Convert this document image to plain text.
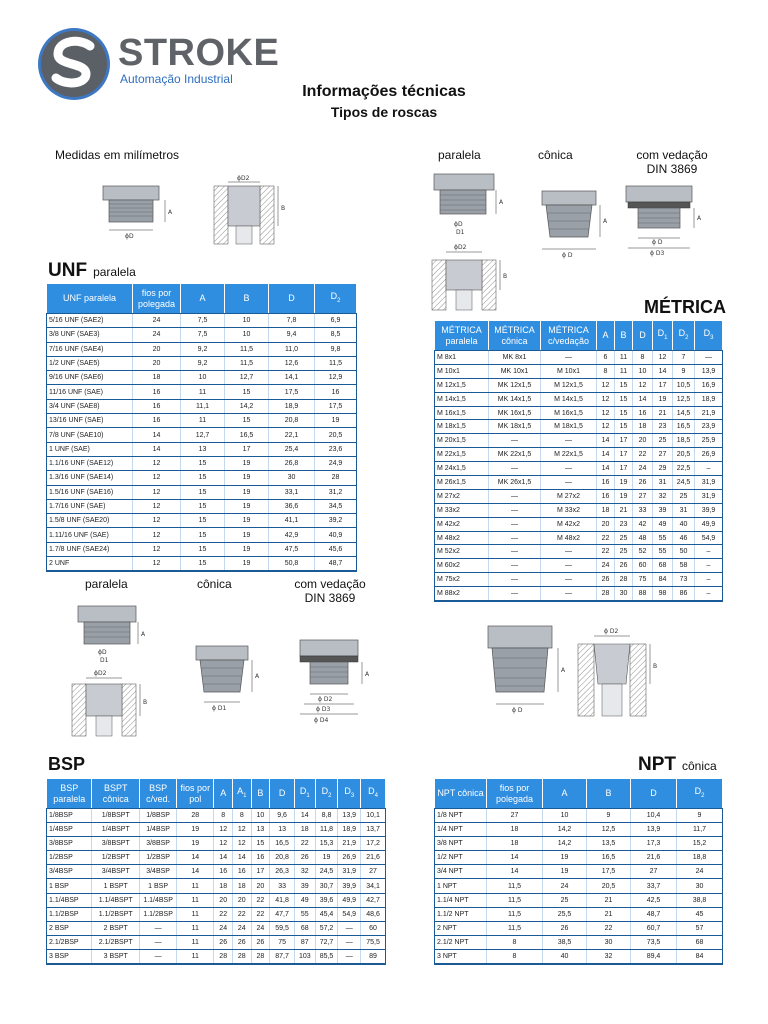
STROKE
Automação Industrial
Informações técnicas
Tipos de roscas
Medidas em milímetros
ϕD
A
ϕD2
B
paralela	cônica	com vedação
DIN 3869
A
ϕD
D1
ϕD2
B
A
ϕ D
A
ϕ D
ϕ D3
UNF paralela
UNF paralela	fios por polegada	A	B	D	$D_2$
5/16 UNF (SAE2)	24	7,5	10	7,8	6,9
3/8 UNF (SAE3)	24	7,5	10	9,4	8,5
7/16 UNF (SAE4)	20	9,2	11,5	11,0	9,8
1/2 UNF (SAE5)	20	9,2	11,5	12,6	11,5
9/16 UNF (SAE6)	18	10	12,7	14,1	12,9
11/16 UNF (SAE)	16	11	15	17,5	16
3/4 UNF (SAE8)	16	11,1	14,2	18,9	17,5
13/16 UNF (SAE)	16	11	15	20,8	19
7/8 UNF (SAE10)	14	12,7	16,5	22,1	20,5
1 UNF (SAE)	14	13	17	25,4	23,6
1.1/16 UNF (SAE12)	12	15	19	26,8	24,9
1.3/16 UNF (SAE14)	12	15	19	30	28
1.5/16 UNF (SAE16)	12	15	19	33,1	31,2
1.7/16 UNF (SAE)	12	15	19	36,6	34,5
1.5/8 UNF (SAE20)	12	15	19	41,1	39,2
1.11/16 UNF (SAE)	12	15	19	42,9	40,9
1.7/8 UNF (SAE24)	12	15	19	47,5	45,6
2 UNF	12	15	19	50,8	48,7
MÉTRICA
MÉTRICA paralela	MÉTRICA cônica	MÉTRICA c/vedação	A	B	D	$D_1$	$D_2$	$D_3$
M 8x1	MK 8x1	—	6	11	8	12	7	—
M 10x1	MK 10x1	M 10x1	8	11	10	14	9	13,9
M 12x1,5	MK 12x1,5	M 12x1,5	12	15	12	17	10,5	16,9
M 14x1,5	MK 14x1,5	M 14x1,5	12	15	14	19	12,5	18,9
M 16x1,5	MK 16x1,5	M 16x1,5	12	15	16	21	14,5	21,9
M 18x1,5	MK 18x1,5	M 18x1,5	12	15	18	23	16,5	23,9
M 20x1,5	—	—	14	17	20	25	18,5	25,9
M 22x1,5	MK 22x1,5	M 22x1,5	14	17	22	27	20,5	26,9
M 24x1,5	—	—	14	17	24	29	22,5	–
M 26x1,5	MK 26x1,5	—	16	19	26	31	24,5	31,9
M 27x2	—	M 27x2	16	19	27	32	25	31,9
M 33x2	—	M 33x2	18	21	33	39	31	39,9
M 42x2	—	M 42x2	20	23	42	49	40	49,9
M 48x2	—	M 48x2	22	25	48	55	46	54,9
M 52x2	—	—	22	25	52	55	50	–
M 60x2	—	—	24	26	60	68	58	–
M 75x2	—	—	26	28	75	84	73	–
M 88x2	—	—	28	30	88	98	86	–
paralela	cônica	com vedação
DIN 3869
A
ϕD
D1
ϕD2
B
A
ϕ D1
A
ϕ D2
ϕ D3
ϕ D4
A
ϕ D
ϕ D2
B
BSP
BSP paralela	BSPT cônica	BSP c/ved.	fios por pol	A	$A_1$	B	D	$D_1$	$D_2$	$D_3$	$D_4$
1/8BSP	1/8BSPT	1/8BSP	28	8	8	10	9,6	14	8,8	13,9	10,1
1/4BSP	1/4BSPT	1/4BSP	19	12	12	13	13	18	11,8	18,9	13,7
3/8BSP	3/8BSPT	3/8BSP	19	12	12	15	16,5	22	15,3	21,9	17,2
1/2BSP	1/2BSPT	1/2BSP	14	14	14	16	20,8	26	19	26,9	21,6
3/4BSP	3/4BSPT	3/4BSP	14	16	16	17	26,3	32	24,5	31,9	27
1 BSP	1 BSPT	1 BSP	11	18	18	20	33	39	30,7	39,9	34,1
1.1/4BSP	1.1/4BSPT	1.1/4BSP	11	20	20	22	41,8	49	39,6	49,9	42,7
1.1/2BSP	1.1/2BSPT	1.1/2BSP	11	22	22	22	47,7	55	45,4	54,9	48,6
2 BSP	2 BSPT	—	11	24	24	24	59,5	68	57,2	—	60
2.1/2BSP	2.1/2BSPT	—	11	26	26	26	75	87	72,7	—	75,5
3 BSP	3 BSPT	—	11	28	28	28	87,7	103	85,5	—	89
NPT cônica
NPT cônica	fios por polegada	A	B	D	$D_2$
1/8 NPT	27	10	9	10,4	9
1/4 NPT	18	14,2	12,5	13,9	11,7
3/8 NPT	18	14,2	13,5	17,3	15,2
1/2 NPT	14	19	16,5	21,6	18,8
3/4 NPT	14	19	17,5	27	24
1 NPT	11,5	24	20,5	33,7	30
1.1/4 NPT	11,5	25	21	42,5	38,8
1.1/2 NPT	11,5	25,5	21	48,7	45
2 NPT	11,5	26	22	60,7	57
2.1/2 NPT	8	38,5	30	73,5	68
3 NPT	8	40	32	89,4	84
